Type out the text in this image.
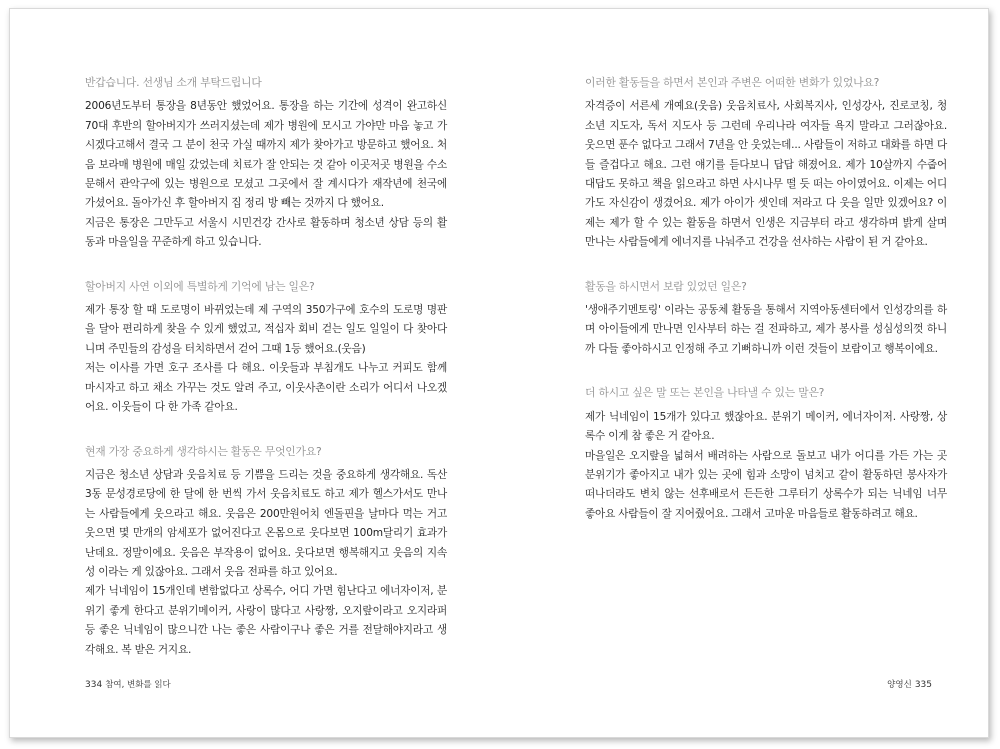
반갑습니다. 선생님 소개 부탁드립니다

2006년도부터 통장을 8년동안 했었어요. 통장을 하는 기간에 성격이 완고하신 70대 후반의 할아버지가 쓰러지셨는데 제가 병원에 모시고 가야만 마음 놓고 가시겠다고해서 결국 그 분이 천국 가실 때까지 제가 찾아가고 방문하고 했어요. 처음 보라매 병원에 매일 갔었는데 치료가 잘 안되는 것 같아 이곳저곳 병원을 수소문해서 관악구에 있는 병원으로 모셨고 그곳에서 잘 계시다가 재작년에 천국에 가셨어요. 돌아가신 후 할아버지 집 정리 방 빼는 것까지 다 했어요.

지금은 통장은 그만두고 서울시 시민건강 간사로 활동하며 청소년 상담 등의 활동과 마을일을 꾸준하게 하고 있습니다.

할아버지 사연 이외에 특별하게 기억에 남는 일은?

제가 통장 할 때 도로명이 바뀌었는데 제 구역의 350가구에 호수의 도로명 명판을 달아 편리하게 찾을 수 있게 했었고, 적십자 회비 걷는 일도 일일이 다 찾아다니며 주민들의 감성을 터치하면서 걷어 그때 1등 했어요.(웃음)

저는 이사를 가면 호구 조사를 다 해요. 이웃들과 부침개도 나누고 커피도 함께 마시자고 하고 채소 가꾸는 것도 알려 주고, 이웃사촌이란 소리가 어디서 나오겠어요. 이웃들이 다 한 가족 같아요.

현재 가장 중요하게 생각하시는 활동은 무엇인가요?

지금은 청소년 상담과 웃음치료 등 기쁨을 드리는 것을 중요하게 생각해요. 독산3동 문성경로당에 한 달에 한 번씩 가서 웃음치료도 하고 제가 헬스가서도 만나는 사람들에게 웃으라고 해요. 웃음은 200만원어치 엔돌핀을 날마다 먹는 거고 웃으면 몇 만개의 암세포가 없어진다고 온몸으로 웃다보면 100m달리기 효과가 난데요. 정말이에요. 웃음은 부작용이 없어요. 웃다보면 행복해지고 웃음의 지속성 이라는 게 있잖아요. 그래서 웃음 전파를 하고 있어요.

제가 닉네임이 15개인데 변함없다고 상록수, 어디 가면 힘난다고 에너자이저, 분위기 좋게 한다고 분위기메이커, 사랑이 많다고 사랑짱, 오지랖이라고 오지라퍼 등 좋은 닉네임이 많으니깐 나는 좋은 사람이구나 좋은 거를 전달해야지라고 생각해요. 복 받은 거지요.

334 참여, 변화를 읽다

이러한 활동들을 하면서 본인과 주변은 어떠한 변화가 있었나요?

자격증이 서른세 개예요(웃음) 웃음치료사, 사회복지사, 인성강사, 진로코칭, 청소년 지도자, 독서 지도사 등 그런데 우리나라 여자들 욕지 말라고 그러잖아요. 웃으면 푼수 없다고 그래서 7년을 안 웃었는데... 사람들이 저하고 대화를 하면 다들 즐겁다고 해요. 그런 얘기를 듣다보니 답답 해졌어요. 제가 10살까지 수줍어 대답도 못하고 책을 읽으라고 하면 사시나무 떨 듯 떠는 아이였어요. 이제는 어디가도 자신감이 생겼어요. 제가 아이가 셋인데 저라고 다 웃을 일만 있겠어요? 이제는 제가 할 수 있는 활동을 하면서 인생은 지금부터 라고 생각하며 밝게 살며 만나는 사람들에게 에너지를 나눠주고 건강을 선사하는 사람이 된 거 같아요.

활동을 하시면서 보람 있었던 일은?

'생애주기멘토링' 이라는 공동체 활동을 통해서 지역아동센터에서 인성강의를 하며 아이들에게 만나면 인사부터 하는 걸 전파하고, 제가 봉사를 성심성의껏 하니까 다들 좋아하시고 인정해 주고 기뻐하니까 이런 것들이 보람이고 행복이에요.

더 하시고 싶은 말 또는 본인을 나타낼 수 있는 말은?

제가 닉네임이 15개가 있다고 했잖아요. 분위기 메이커, 에너자이저. 사랑짱, 상록수 이게 참 좋은 거 같아요.

마을일은 오지랖을 넓혀서 배려하는 사람으로 돌보고 내가 어디를 가든 가는 곳 분위기가 좋아지고 내가 있는 곳에 힘과 소망이 넘치고 같이 활동하던 봉사자가 떠나더라도 변치 않는 선후배로서 든든한 그루터기 상록수가 되는 닉네임 너무 좋아요 사람들이 잘 지어줬어요. 그래서 고마운 마음들로 활동하려고 해요.

양영신 335
